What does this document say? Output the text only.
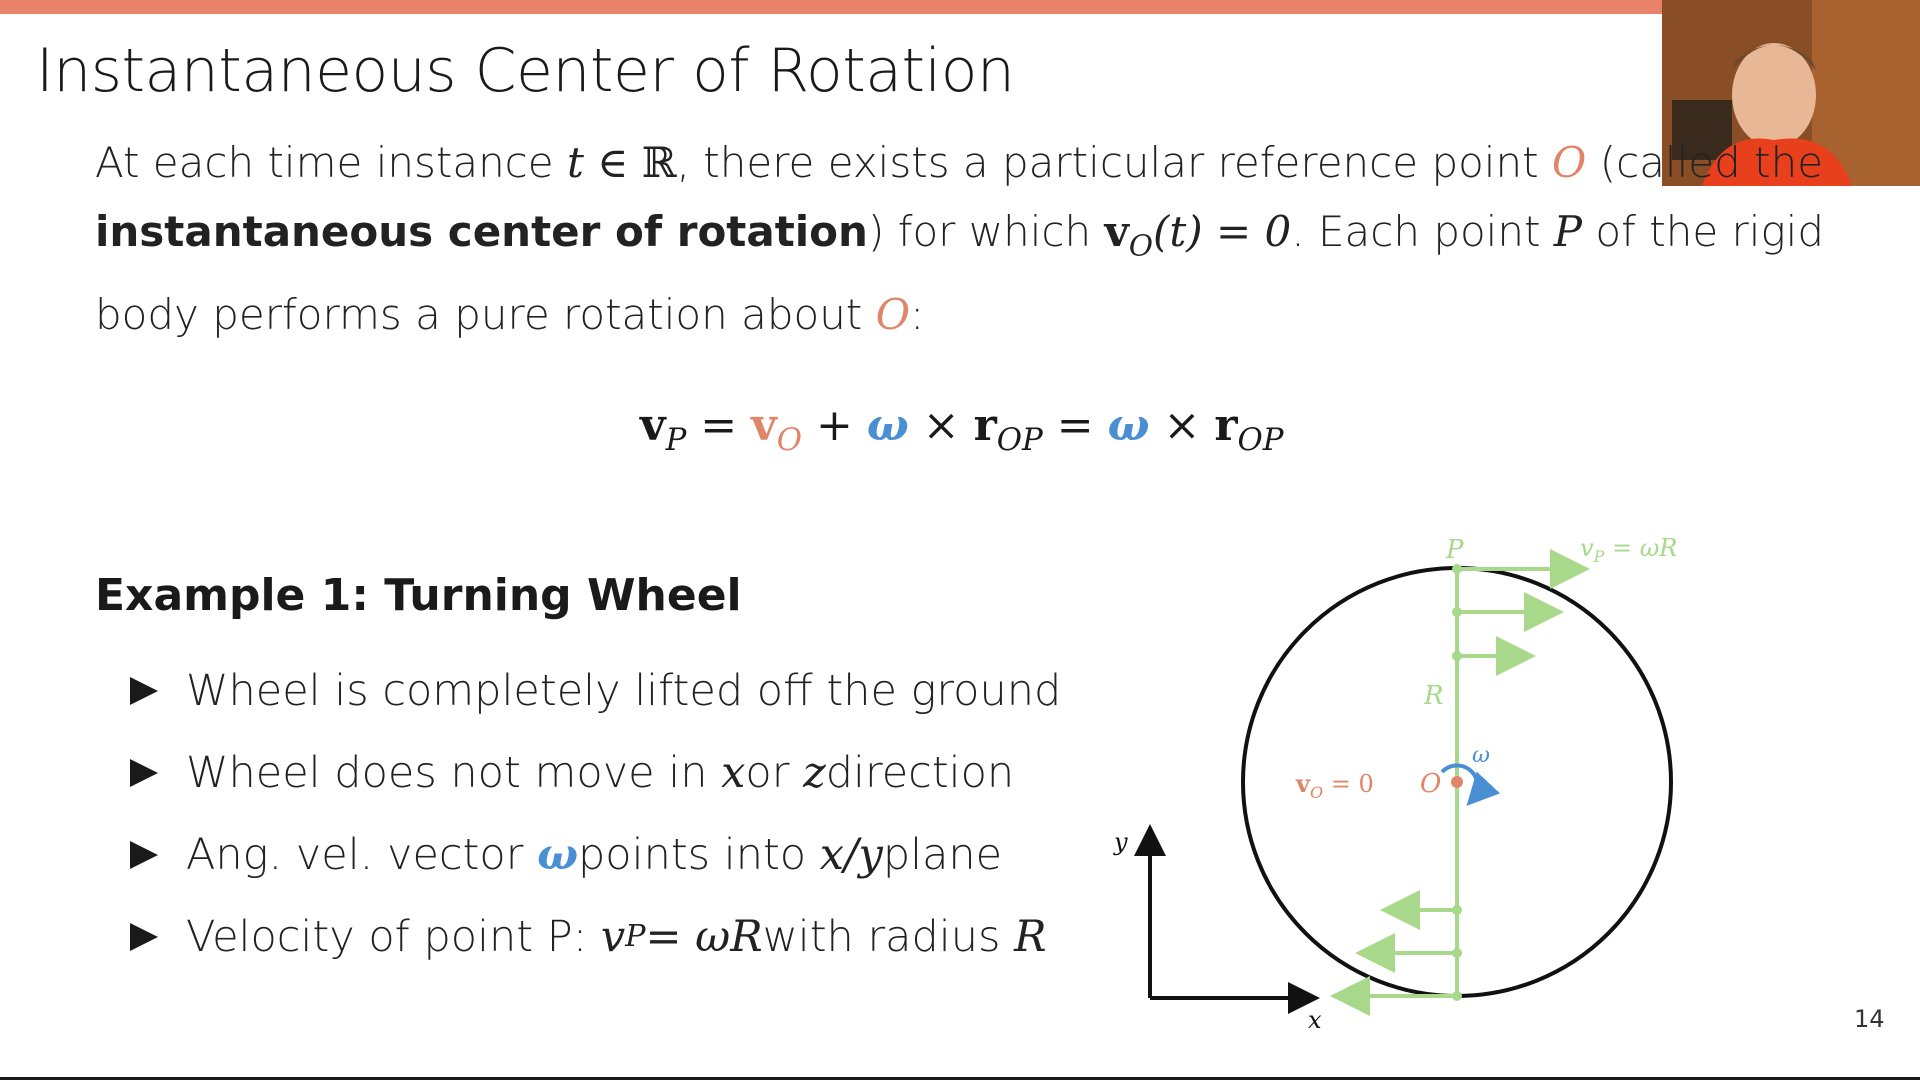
Instantaneous Center of Rotation
At each time instance t ∈ ℝ, there exists a particular reference point O (called the instantaneous center of rotation) for which $v_O(t) = 0$. Each point P of the rigid body performs a pure rotation about O:
$v_P = v_O + \omega \times r_{OP} = \omega \times r_{OP}$
Example 1: Turning Wheel
Wheel is completely lifted off the ground
Wheel does not move in
x or
z direction
Ang. vel. vector
ω points into
x/y plane
Velocity of point P:
v P = ωR with radius
R
P	$v_P = \omega R$
R
ω
$v_O = 0$ O
y
x	14
